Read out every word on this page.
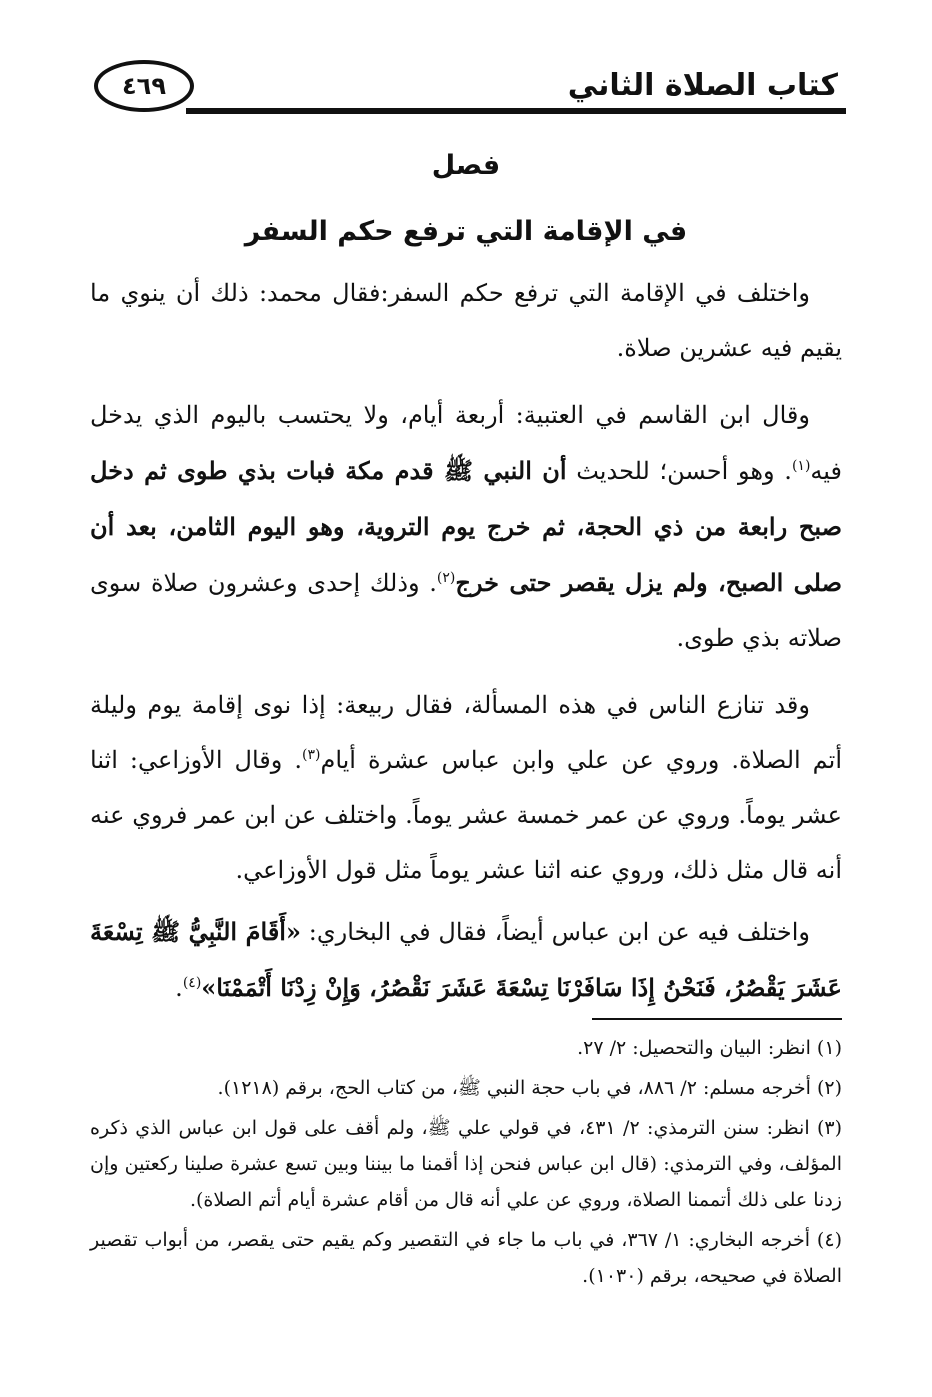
كتاب الصلاة الثاني
٤٦٩
فصل
في الإقامة التي ترفع حكم السفر

واختلف في الإقامة التي ترفع حكم السفر:فقال محمد: ذلك أن ينوي ما يقيم فيه عشرين صلاة.

وقال ابن القاسم في العتبية: أربعة أيام، ولا يحتسب باليوم الذي يدخل فيه$^{(١)}$. وهو أحسن؛ للحديث أن النبي ﷺ قدم مكة فبات بذي طوى ثم دخل صبح رابعة من ذي الحجة، ثم خرج يوم التروية، وهو اليوم الثامن، بعد أن صلى الصبح، ولم يزل يقصر حتى خرج$^{(٢)}$. وذلك إحدى وعشرون صلاة سوى صلاته بذي طوى.

وقد تنازع الناس في هذه المسألة، فقال ربيعة: إذا نوى إقامة يوم وليلة أتم الصلاة. وروي عن علي وابن عباس عشرة أيام$^{(٣)}$. وقال الأوزاعي: اثنا عشر يوماً. وروي عن عمر خمسة عشر يوماً. واختلف عن ابن عمر فروي عنه أنه قال مثل ذلك، وروي عنه اثنا عشر يوماً مثل قول الأوزاعي.

واختلف فيه عن ابن عباس أيضاً، فقال في البخاري: «أَقَامَ النَّبِيُّ ﷺ تِسْعَةَ عَشَرَ يَقْصُرُ، فَنَحْنُ إِذَا سَافَرْنَا تِسْعَةَ عَشَرَ نَقْصُرُ، وَإِنْ زِدْنَا أَتْمَمْنَا»$^{(٤)}$.

(١) انظر: البيان والتحصيل: ٢/ ٢٧.

(٢) أخرجه مسلم: ٢/ ٨٨٦، في باب حجة النبي ﷺ، من كتاب الحج، برقم (١٢١٨).

(٣) انظر: سنن الترمذي: ٢/ ٤٣١، في قولي علي ﷺ، ولم أقف على قول ابن عباس الذي ذكره المؤلف، وفي الترمذي: (قال ابن عباس فنحن إذا أقمنا ما بيننا وبين تسع عشرة صلينا ركعتين وإن زدنا على ذلك أتممنا الصلاة، وروي عن علي أنه قال من أقام عشرة أيام أتم الصلاة).

(٤) أخرجه البخاري: ١/ ٣٦٧، في باب ما جاء في التقصير وكم يقيم حتى يقصر، من أبواب تقصير الصلاة في صحيحه، برقم (١٠٣٠).
